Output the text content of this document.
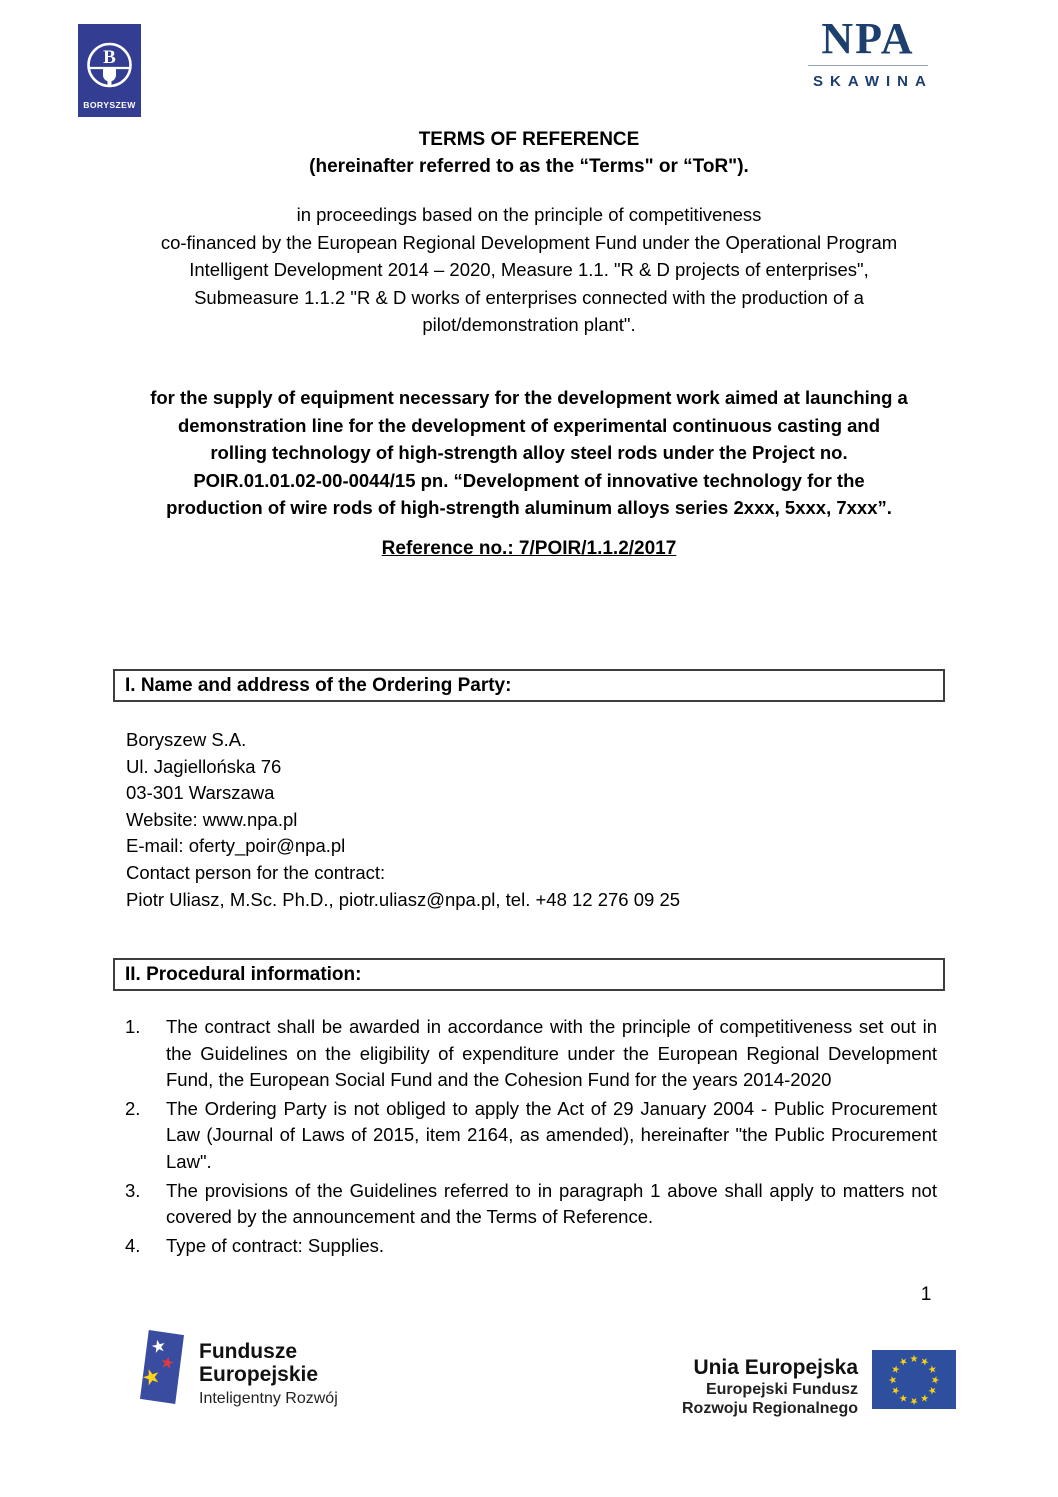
B
BORYSZEW
NPA
SKAWINA
TERMS OF REFERENCE
(hereinafter referred to as the “Terms" or “ToR").
in proceedings based on the principle of competitiveness
co-financed by the European Regional Development Fund under the Operational Program
Intelligent Development 2014 – 2020, Measure 1.1. "R & D projects of enterprises",
Submeasure 1.1.2 "R & D works of enterprises connected with the production of a
pilot/demonstration plant".
for the supply of equipment necessary for the development work aimed at launching a
demonstration line for the development of experimental continuous casting and
rolling technology of high-strength alloy steel rods under the Project no.
POIR.01.01.02-00-0044/15 pn. “Development of innovative technology for the
production of wire rods of high-strength aluminum alloys series 2xxx, 5xxx, 7xxx”.
Reference no.: 7/POIR/1.1.2/2017
I. Name and address of the Ordering Party:
Boryszew S.A.
Ul. Jagiellońska 76
03-301 Warszawa
Website: www.npa.pl
E-mail: oferty_poir@npa.pl
Contact person for the contract:
Piotr Uliasz, M.Sc. Ph.D., piotr.uliasz@npa.pl, tel. +48 12 276 09 25
II. Procedural information:
1.	The contract shall be awarded in accordance with the principle of competitiveness set out in the Guidelines on the eligibility of expenditure under the European Regional Development Fund, the European Social Fund and the Cohesion Fund for the years 2014-2020
2.	The Ordering Party is not obliged to apply the Act of 29 January 2004 - Public Procurement Law (Journal of Laws of 2015, item 2164, as amended), hereinafter "the Public Procurement Law".
3.	The provisions of the Guidelines referred to in paragraph 1 above shall apply to matters not covered by the announcement and the Terms of Reference.
4.	Type of contract: Supplies.
1
★
★
★
Fundusze
Europejskie
Inteligentny Rozwój
Unia Europejska
Europejski Fundusz
Rozwoju Regionalnego
★ ★
★
★
★
★
★
★
★
★
★
★
